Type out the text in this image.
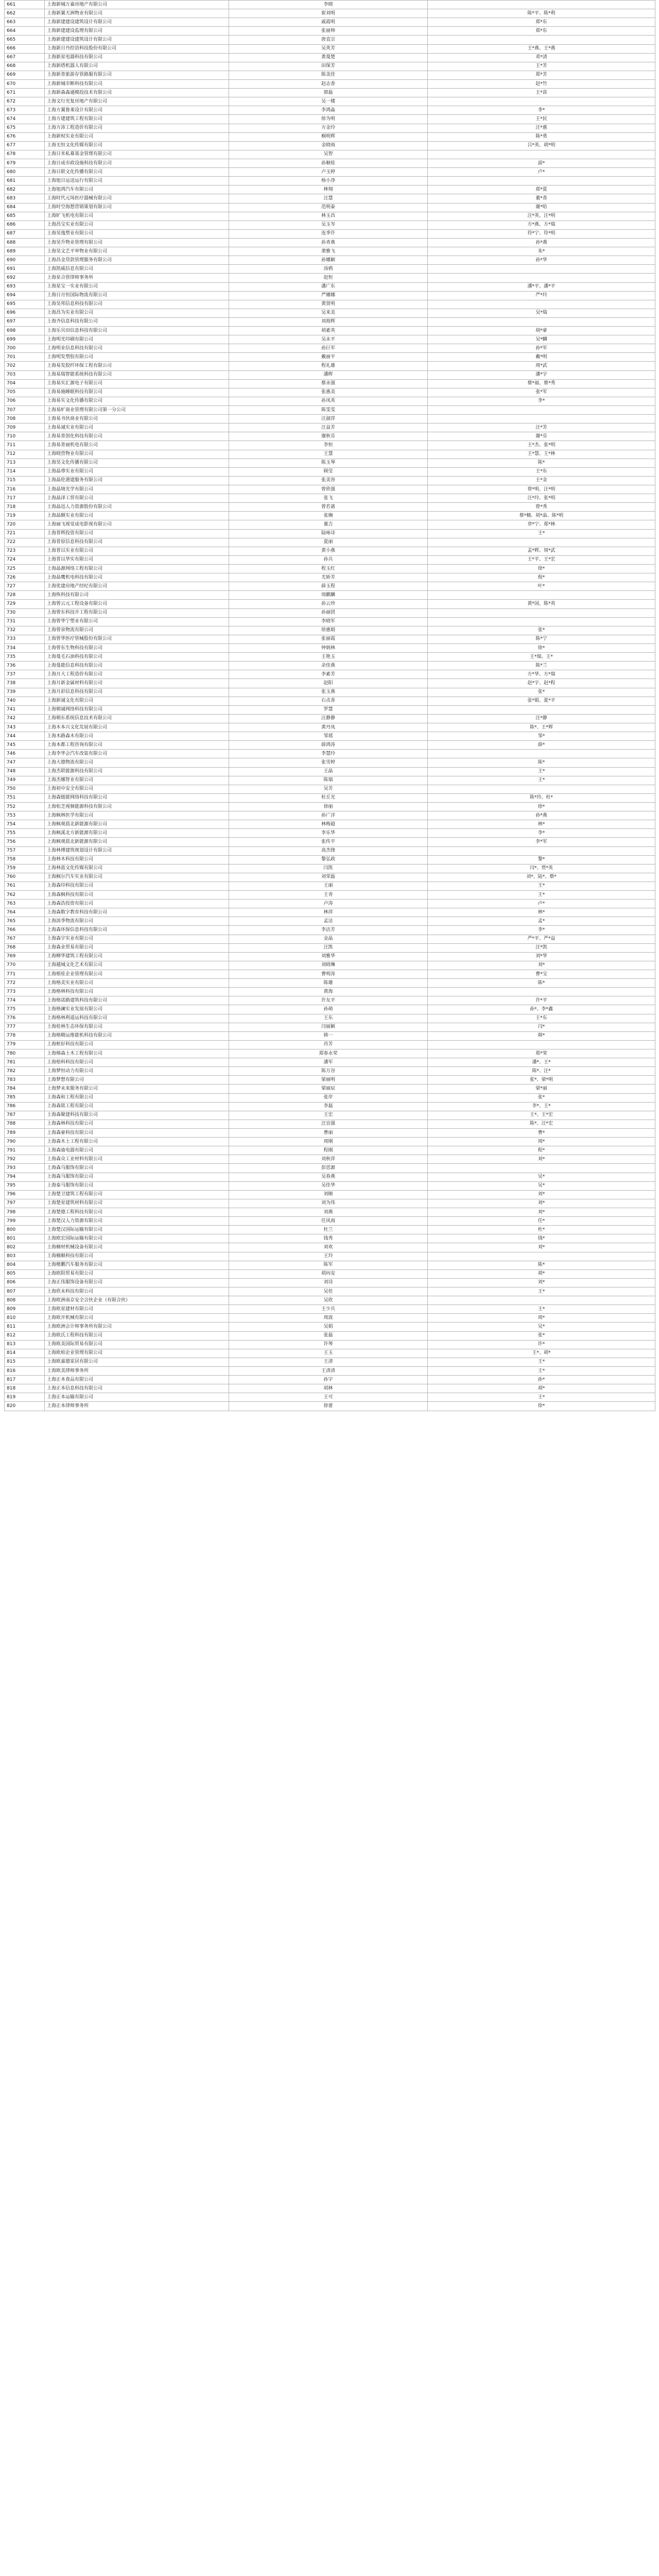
661	上海新城万嘉房地产有限公司	李晓	
662	上海新翼天洲物业有限公司	崔刘明	陈*平、陈*利
663	上海新建建设建筑设计有限公司	戚霞明	郑*东
664	上海新建建设监理有限公司	张丽帅	郑*东
665	上海新建建设建筑设计有限公司	唐直宗	
666	上海新日丹控语科技股份有限公司	吴英芳	王*燕、王*燕
667	上海新星电器科技有限公司	黄曼楚	邓*清
668	上海新塔机器人有限公司	田琛芳	王*芳
669	上海新普旅游存管路服有限公司	陈美佳	郑*芳
670	上海新城市断科技有限公司	赵志香	赵*竹
671	上海新森森通模投技术有限公司	郭磊	王*苗
672	上海文行光复房地产有限公司	吴一楼	
673	上海方翼鲁莱设计有限公司	李鸿淼	李*
674	上海方建建筑工程有限公司	徐为明	王*民
675	上海方沛工程造价有限公司	方金玲	汪*惠
676	上海新权实业有限公司	桐明辉	陈*勇
677	上海无恒文化传媒有限公司	金晓雨	吕*英、胡*明
678	上海日米私募基金管理有限公司	吴智	
679	上海日成市政设施科技有限公司	孙顺桂	邱*
680	上海日联文化传播有限公司	卢玉婷	卢*
681	上海旭日运送运行有限公司	杨小净	
682	上海旭鸿汽车有限公司	林翔	郑*夏
683	上海时代元场医疗器械有限公司	汪慧	董*香
684	上海时空海想营销策划有限公司	范明泰	谢*哈
685	上海旷飞机电有限公司	林玉昌	汪*英、汪*明
686	上海昌宝实业有限公司	吴玉岑	方*燕、方*瑞
687	上海昊逸塑业有限公司	连季许	符*宁、符*明
688	上海昊升物业管理有限公司	孙青燕	孙*燕
689	上海昊文艺平审物业有限公司	萧雅飞	朱*
690	上海昌金贷款管理服务有限公司	孙娜颖	孙*华
691	上海凯威信息有限公司	汤鸦	
692	上海星合管律师事务所	赵恒	
693	上海星宝一实业有限公司	潘广东	潘*平、潘*平
694	上海日月恒国际物流有限公司	严娜娜	严*玲
695	上海昊邦信息科技有限公司	黄贤明	
696	上海昌为实业有限公司	吴来美	吴*瑞
697	上海齐信息科技有限公司	刘海辉	
698	上海乐贝田信息科技有限公司	胡素英	胡*豪
699	上海明光印刷有限公司	吴永平	吴*麟
700	上海明业信息科技有限公司	孙巨军	孙*军
701	上海明发塑胶有限公司	戴丽平	戴*明
702	上海易发胶纤环保工程有限公司	程礼雄	周*武
703	上海易瑞智能系统科技有限公司	潘晖	潘*宇
704	上海易实汇源电子有限公司	蔡永强	蔡*福、蔡*秀
705	上海易施睡眠科技有限公司	张惠美	张*军
706	上海易实文化传播有限公司	孙凤英	李*
707	上海易旷商业管理有限公司第一分公司	陈雯雯	
708	上海易书伙商业有限公司	汪淑萍	
709	上海易诚实业有限公司	汪益芳	汪*芳
710	上海易普创化科技有限公司	谢秋芬	谢*芬
711	上海易普丽机电有限公司	李恒	王*杰、张*明
712	上海晓营物业有限公司	王慧	王*慧、王*林
713	上海昊文化传播有限公司	陈玉琴	陈*
714	上海晶尊实业有限公司	顾莹	王*东
715	上海晶伦港建服务有限公司	张美容	王*金
716	上海晶境光学有限公司	曾欣强	曾*明、汪*明
717	上海晶泽工贸有限公司	张飞	汪*玲、张*明
718	上海晶迅人力资源股份有限公司	曾若菡	曾*秀
719	上海晶额实业有限公司	张娴	蔡*楠、胡*晶、陈*明
720	上海丽飞视觉成电影视有限公司	董吉	章*宁、郑*林
721	上海普辉投资有限公司	陆咏诗	王*
722	上海普原信息科技有限公司	夏丽	
723	上海普以实业有限公司	黄小燕	孟*辉、周*武
724	上海普以华实有限公司	孙兵	王*平、王*宏
725	上海晶源网络工程有限公司	程玉红	徐*
726	上海晶鹰机电科技有限公司	尤娇芳	倪*
727	上海优建房地产经纪有限公司	薛玉程	叶*
728	上海恢科技有限公司	周麒麟	
729	上海曾云元工程设备有限公司	孙云珍	黄*国、陈*英
730	上海曾东科技开工程有限公司	孙丽团	
731	上海曾华宁塑业有限公司	李晓军	
732	上海曾泉物流有限公司	徐惠娟	张*
733	上海曾华医疗管械股份有限公司	张丽霞	陈*宁
734	上海曾东生物科技有限公司	钟炳林	徐*
735	上海曼毛石油科技有限公司	王艳玉	王*瑞、王*
736	上海曼能信息科技有限公司	余佳燕	陈*兰
737	上海月大工程造价有限公司	李素芳	方*华、方*瑞
738	上海月新金属材料有限公司	赵阳	赵*宇、赵*程
739	上海月彩信息科技有限公司	张玉燕	张*
740	上海新诚文化有限公司	石贞香	张*娟、夏*平
741	上海朝诚网络科技有限公司	罗慧	
742	上海朝东系统信息技术有限公司	汪静静	汪*静
743	上海木本兴文化发展有限公司	黄丹凤	陈*、王*辉
744	上海木路森木有限公司	邹瑶	邹*
745	上海本都工程咨询有限公司	薛鸿涛	薛*
746	上海李华会汽车改装有限公司	李慧玲	
747	上海大德物流有限公司	张雪婷	陈*
748	上海杰联能源科技有限公司	王晶	王*
749	上海杰娜智业有限公司	陈瑞	王*
750	上海初中安全有限公司	吴芳	
751	上海森链能网络科技有限公司	杜丘光	陈*玲、杜*
752	上海松芝视频能源科技有限公司	徐丽	徐*
753	上海枫林医学有限公司	孙广洋	孙*燕
754	上海枫观晨北新能源有限公司	林梅超	林*
755	上海枫溪北方新能源有限公司	李乐华	李*
756	上海枫观晨北新能源有限公司	张传平	李*军
757	上海林博建筑规划设计有限公司	高杰锋	
758	上海林木科技有限公司	黎弘政	黎*
759	上海林蓝文化传媒有限公司	闫凯	闫*、贾*英
760	上海枫尔汽车实业有限公司	刘荣磊	刘*、陆*、蔡*
761	上海森印科技有限公司	王丽	王*
762	上海森枫科技有限公司	王青	王*
763	上海森浩投资有限公司	卢涛	卢*
764	上海森数字教育科技有限公司	林萍	林*
765	上海淡季物流有限公司	孟洁	孟*
766	上海森环保信息科技有限公司	李洁芳	李*
767	上海森宇实业有限公司	金晶	严*平、严*益
768	上海森业贸易有限公司	汪凯	汪*凯
769	上海柳华建筑工程有限公司	刘雅华	刘*华
770	上海越城文化艺术有限公司	刘晓琳	刘*
771	上海根桂企业管理有限公司	曹明涛	曹*宝
772	上海格美实业有限公司	陈雄	陈*
773	上海格林科技有限公司	黄海	
774	上海格诺路建筑科技有限公司	许友平	许*平
775	上海格澜实业发展有限公司	孙萌	孙*、李*鑫
776	上海格林利道运科技有限公司	王东	王*东
777	上海桂林生态环保有限公司	闫丽颖	闫*
778	上海格精运维能机科技有限公司	韩一	韩*
779	上海枢好科技有限公司	肖芳	
780	上海梯森土木工程有限公司	郑春永荣	郑*荣
781	上海梧科科技有限公司	潘军	潘*、王*
782	上海梦恒动力有限公司	陈万谷	陈*、汪*
783	上海梦想有限公司	梁丽明	张*、梁*明
784	上海梦未来服务有限公司	梁丽辰	梁*丽
785	上海森和工程有限公司	张岸	张*
786	上海森铭工程有限公司	李磊	李*、王*
787	上海森聚建科技有限公司	王宏	王*、王*宏
788	上海森林科技有限公司	汪宜强	陈*、汪*宏
789	上海森豪科技有限公司	曹丽	曹*
790	上海森木土工程有限公司	周刚	周*
791	上海森迪电器有限公司	程刚	程*
792	上海森众工业材料有限公司	刘秋萍	刘*
793	上海森马服饰有限公司	彭思源	
794	上海森马服饰有限公司	吴春燕	吴*
795	上海泰马服饰有限公司	吴佳华	吴*
796	上海楚卫建筑工程有限公司	刘顺	刘*
797	上海楚星建筑材料有限公司	刘为伟	刘*
798	上海楚德工程科技有限公司	刘燕	刘*
799	上海楚汉人力资源有限公司	任风雨	任*
800	上海楚汉国际运输有限公司	杜兰	杜*
801	上海欧宏国际运输有限公司	钱秀	钱*
802	上海楠材机械设备有限公司	刘欢	刘*
803	上海楠顺科技有限公司	王玲	
804	上海楷鹏汽车服务有限公司	陈军	陈*
805	上海欧阳贸易有限公司	胡向安	胡*
806	上海正伟服饰设备有限公司	刘诗	刘*
807	上海欣未科技有限公司	吴佳	王*
808	上海欧洲南京安全合伙企业（有限合伙）	吴欣	
809	上海欧星建材有限公司	王少兵	王*
810	上海欧开机械有限公司	周波	周*
811	上海欧洲会计师事务所有限公司	吴娟	吴*
812	上海欧氏工程科技有限公司	张磊	张*
813	上海欧美国际贸易有限公司	许琴	许*
814	上海欧柏企业管理有限公司	王玉	王*、胡*
815	上海欧嘉德家居有限公司	王清	王*
816	上海欧美律师事务所	王清清	王*
817	上海正本食品有限公司	孙宇	孙*
818	上海正本信息科技有限公司	胡林	胡*
819	上海正本运输有限公司	王可	王*
820	上海正本律师事务所	徐蕾	徐*
